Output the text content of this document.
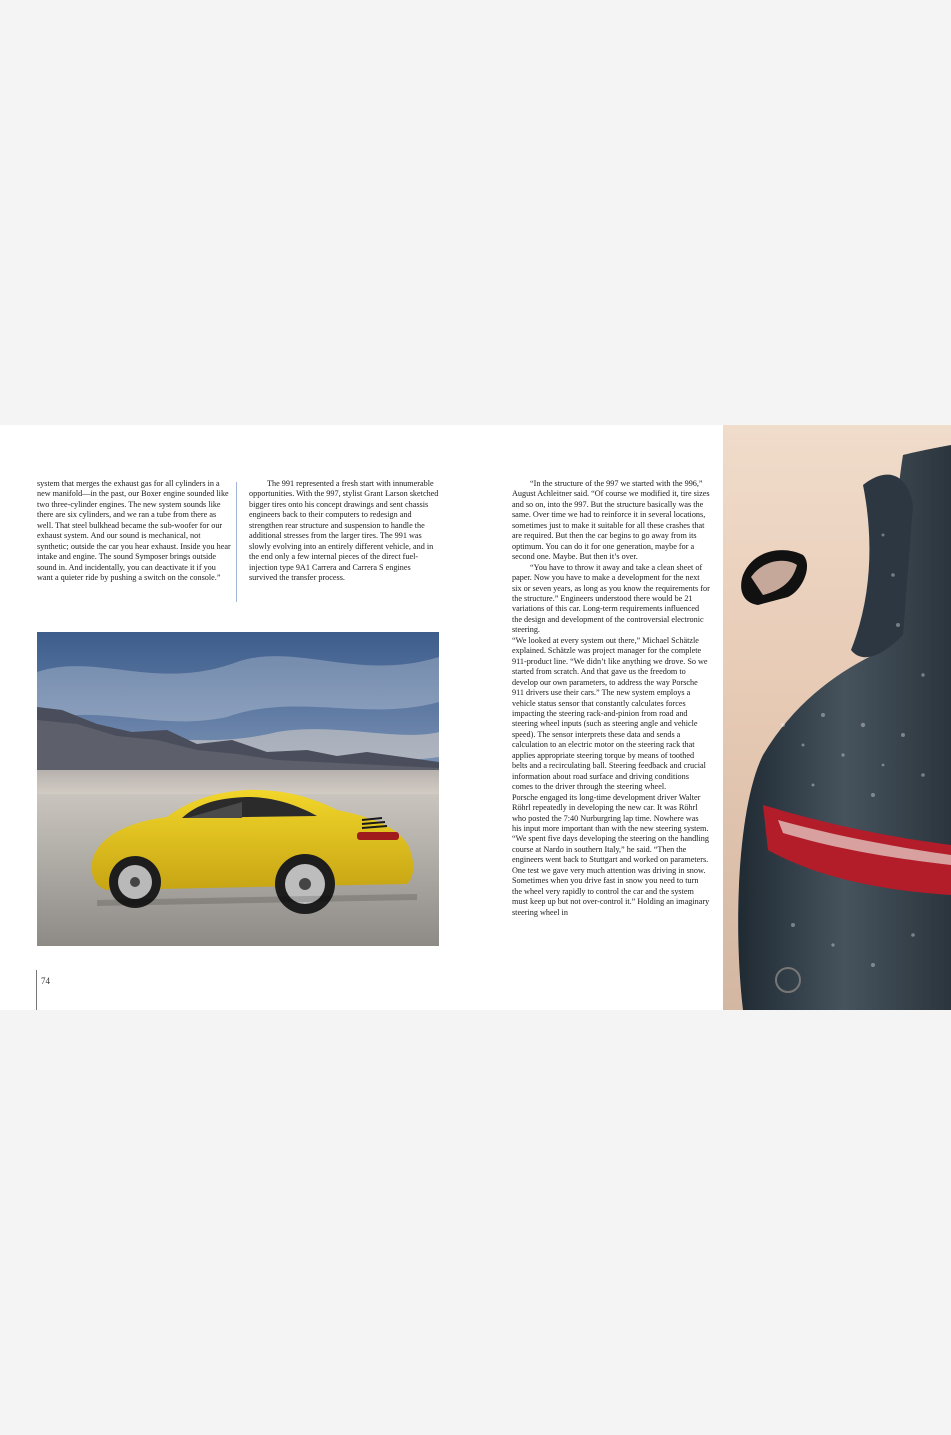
system that merges the exhaust gas for all cylinders in a new manifold—in the past, our Boxer engine sounded like two three-cylinder engines. The new system sounds like there are six cylinders, and we ran a tube from there as well. That steel bulkhead became the sub-woofer for our exhaust system. And our sound is mechanical, not synthetic; outside the car you hear exhaust. Inside you hear intake and engine. The sound Symposer brings outside sound in. And incidentally, you can deactivate it if you want a quieter ride by pushing a switch on the console.”

The 991 represented a fresh start with innumerable opportunities. With the 997, stylist Grant Larson sketched bigger tires onto his concept drawings and sent chassis engineers back to their computers to redesign and strengthen rear structure and suspension to handle the additional stresses from the larger tires. The 991 was slowly evolving into an entirely different vehicle, and in the end only a few internal pieces of the direct fuel-injection type 9A1 Carrera and Carrera S engines survived the transfer process.

“In the structure of the 997 we started with the 996,” August Achleitner said. “Of course we modified it, tire sizes and so on, into the 997. But the structure basically was the same. Over time we had to reinforce it in several locations, sometimes just to make it suitable for all these crashes that are required. But then the car begins to go away from its optimum. You can do it for one generation, maybe for a second one. Maybe. But then it’s over.

“You have to throw it away and take a clean sheet of paper. Now you have to make a development for the next six or seven years, as long as you know the requirements for the structure.” Engineers understood there would be 21 variations of this car. Long-term requirements influenced the design and development of the controversial electronic steering.

“We looked at every system out there,” Michael Schätzle explained. Schätzle was project manager for the complete 911-product line. “We didn’t like anything we drove. So we started from scratch. And that gave us the freedom to develop our own parameters, to address the way Porsche 911 drivers use their cars.” The new system employs a vehicle status sensor that constantly calculates forces impacting the steering rack-and-pinion from road and steering wheel inputs (such as steering angle and vehicle speed). The sensor interprets these data and sends a calculation to an electric motor on the steering rack that applies appropriate steering torque by means of toothed belts and a recirculating ball. Steering feedback and crucial information about road surface and driving conditions comes to the driver through the steering wheel.

Porsche engaged its long-time development driver Walter Röhrl repeatedly in developing the new car. It was Röhrl who posted the 7:40 Nurburgring lap time. Nowhere was his input more important than with the new steering system.

“We spent five days developing the steering on the handling course at Nardo in southern Italy,” he said. “Then the engineers went back to Stuttgart and worked on parameters. One test we gave very much attention was driving in snow. Sometimes when you drive fast in snow you need to turn the wheel very rapidly to control the car and the system must keep up but not over-control it.” Holding an imaginary steering wheel in

74
